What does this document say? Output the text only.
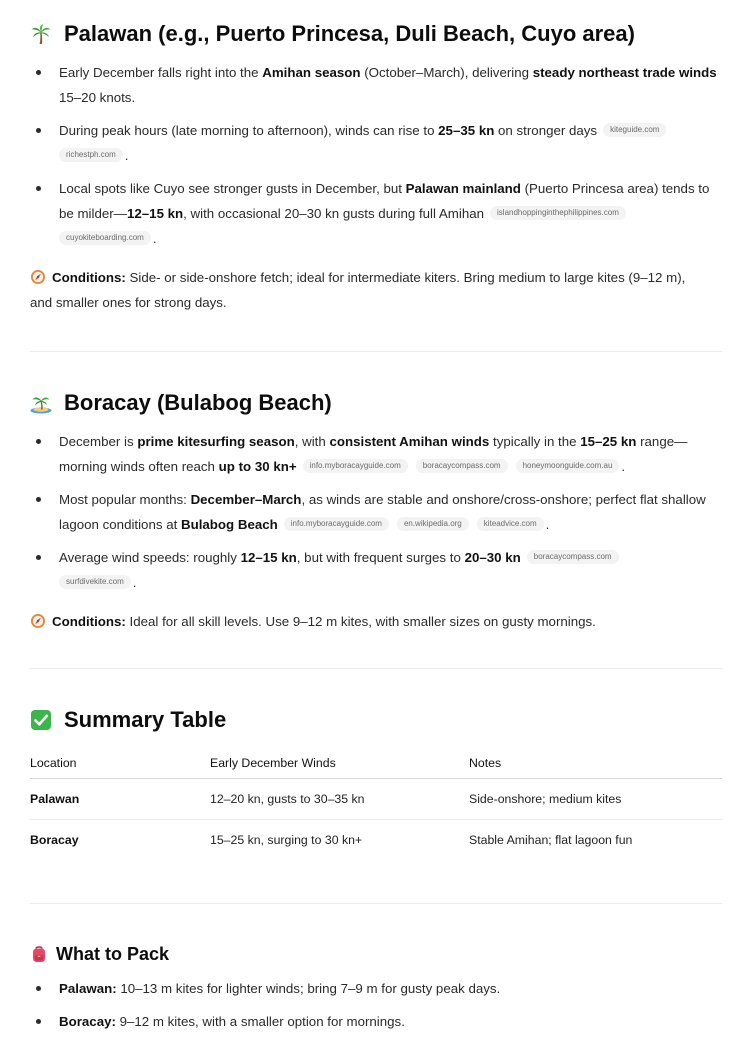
Palawan (e.g., Puerto Princesa, Duli Beach, Cuyo area)
Early December falls right into the Amihan season (October–March), delivering steady northeast trade winds 15–20 knots.
During peak hours (late morning to afternoon), winds can rise to 25–35 kn on stronger days kiteguide.com
richestph.com .
Local spots like Cuyo see stronger gusts in December, but Palawan mainland (Puerto Princesa area) tends to be milder—12–15 kn, with occasional 20–30 kn gusts during full Amihan islandhoppinginthephilippines.com
cuyokiteboarding.com .
Conditions: Side- or side-onshore fetch; ideal for intermediate kiters. Bring medium to large kites (9–12 m), and smaller ones for strong days.
Boracay (Bulabog Beach)
December is prime kitesurfing season, with consistent Amihan winds typically in the 15–25 kn range—morning winds often reach up to 30 kn+ info.myboracayguide.com	boracaycompass.com	honeymoonguide.com.au .
Most popular months: December–March, as winds are stable and onshore/cross-onshore; perfect flat shallow lagoon conditions at Bulabog Beach info.myboracayguide.com	en.wikipedia.org	kiteadvice.com .
Average wind speeds: roughly 12–15 kn, but with frequent surges to 20–30 kn boracaycompass.com
surfdivekite.com .
Conditions: Ideal for all skill levels. Use 9–12 m kites, with smaller sizes on gusty mornings.
Summary Table
Location	Early December Winds	Notes
Palawan	12–20 kn, gusts to 30–35 kn	Side-onshore; medium kites
Boracay	15–25 kn, surging to 30 kn+	Stable Amihan; flat lagoon fun
What to Pack
Palawan: 10–13 m kites for lighter winds; bring 7–9 m for gusty peak days.
Boracay: 9–12 m kites, with a smaller option for mornings.
